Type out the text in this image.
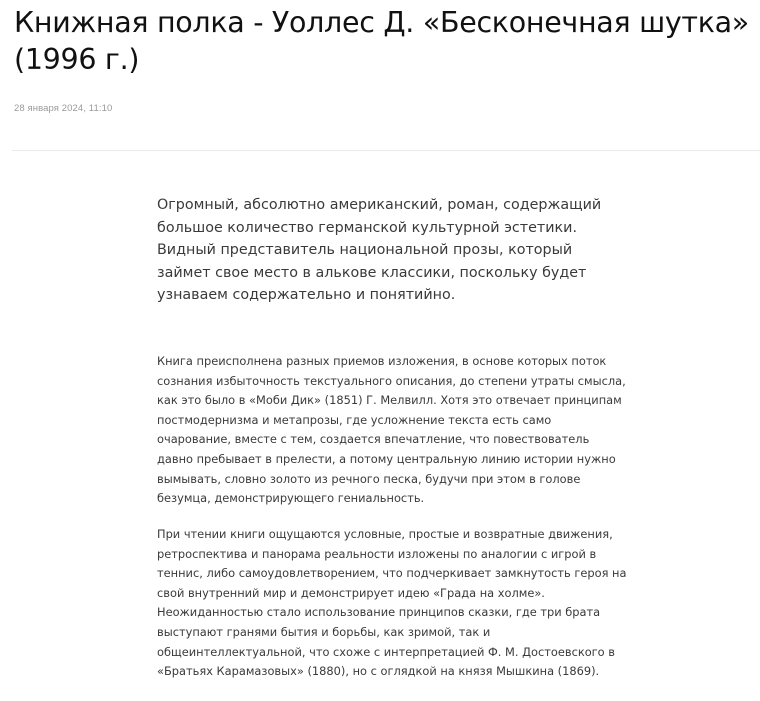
Книжная полка - Уоллес Д. «Бесконечная шутка»
(1996 г.)
28 января 2024, 11:10

Огромный, абсолютно американский, роман, содержащий большое количество германской культурной эстетики. Видный представитель национальной прозы, который займет свое место в алькове классики, поскольку будет узнаваем содержательно и понятийно.

Книга преисполнена разных приемов изложения, в основе которых поток сознания избыточность текстуального описания, до степени утраты смысла, как это было в «Моби Дик» (1851) Г. Мелвилл. Хотя это отвечает принципам постмодернизма и метапрозы, где усложнение текста есть само очарование, вместе с тем, создается впечатление, что повествователь давно пребывает в прелести, а потому центральную линию истории нужно вымывать, словно золото из речного песка, будучи при этом в голове безумца, демонстрирующего гениальность.

При чтении книги ощущаются условные, простые и возвратные движения, ретроспектива и панорама реальности изложены по аналогии с игрой в теннис, либо самоудовлетворением, что подчеркивает замкнутость героя на свой внутренний мир и демонстрирует идею «Града на холме». Неожиданностью стало использование принципов сказки, где три брата выступают гранями бытия и борьбы, как зримой, так и общеинтеллектуальной, что схоже с интерпретацией Ф. М. Достоевского в «Братьях Карамазовых» (1880), но с оглядкой на князя Мышкина (1869).
